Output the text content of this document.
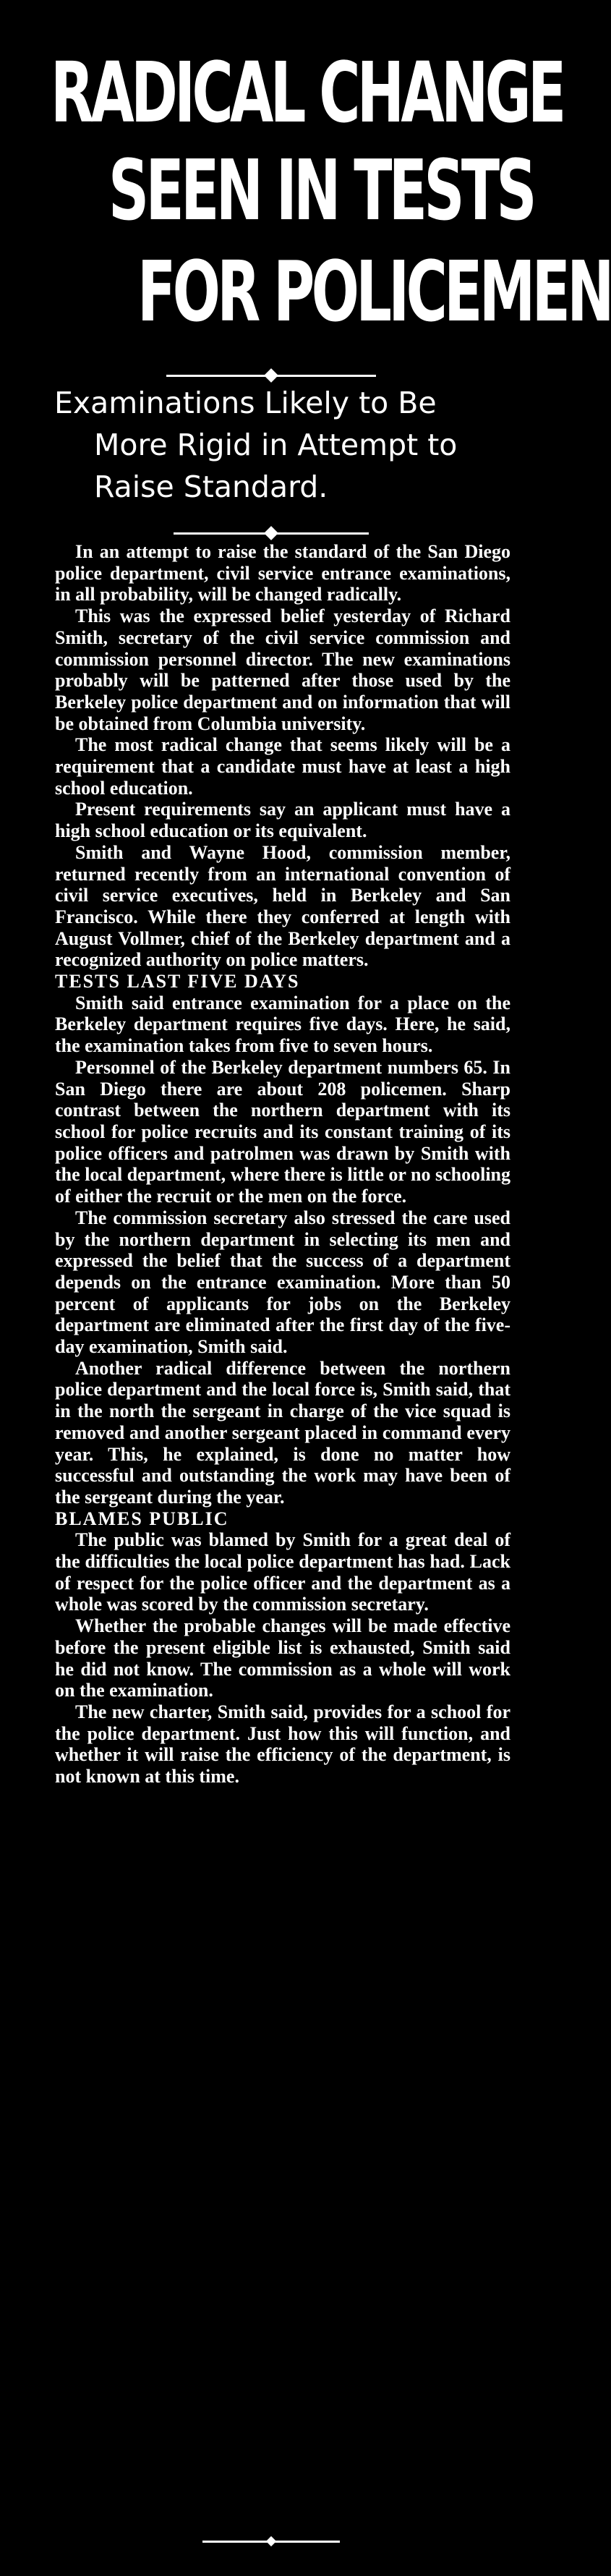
RADICAL CHANGE
SEEN IN TESTS
FOR POLICEMEN
Examinations Likely to Be
More Rigid in Attempt to
Raise Standard.

In an attempt to raise the standard of the San Diego police department, civil service entrance examinations, in all probability, will be changed radically.

This was the expressed belief yesterday of Richard Smith, secretary of the civil service commission and commission personnel director. The new examinations probably will be patterned after those used by the Berkeley police department and on information that will be obtained from Columbia university.

The most radical change that seems likely will be a requirement that a candidate must have at least a high school education.

Present requirements say an applicant must have a high school education or its equivalent.

Smith and Wayne Hood, commission member, returned recently from an international convention of civil service executives, held in Berkeley and San Francisco. While there they conferred at length with August Vollmer, chief of the Berkeley department and a recognized authority on police matters.

TESTS LAST FIVE DAYS

Smith said entrance examination for a place on the Berkeley department requires five days. Here, he said, the examination takes from five to seven hours.

Personnel of the Berkeley department numbers 65. In San Diego there are about 208 policemen. Sharp contrast between the northern department with its school for police recruits and its constant training of its police officers and patrolmen was drawn by Smith with the local department, where there is little or no schooling of either the recruit or the men on the force.

The commission secretary also stressed the care used by the northern department in selecting its men and expressed the belief that the success of a department depends on the entrance examination. More than 50 percent of applicants for jobs on the Berkeley department are eliminated after the first day of the five-day examination, Smith said.

Another radical difference between the northern police department and the local force is, Smith said, that in the north the sergeant in charge of the vice squad is removed and another sergeant placed in command every year. This, he explained, is done no matter how successful and outstanding the work may have been of the sergeant during the year.

BLAMES PUBLIC

The public was blamed by Smith for a great deal of the difficulties the local police department has had. Lack of respect for the police officer and the department as a whole was scored by the commission secretary.

Whether the probable changes will be made effective before the present eligible list is exhausted, Smith said he did not know. The commission as a whole will work on the examination.

The new charter, Smith said, provides for a school for the police department. Just how this will function, and whether it will raise the efficiency of the department, is not known at this time.
